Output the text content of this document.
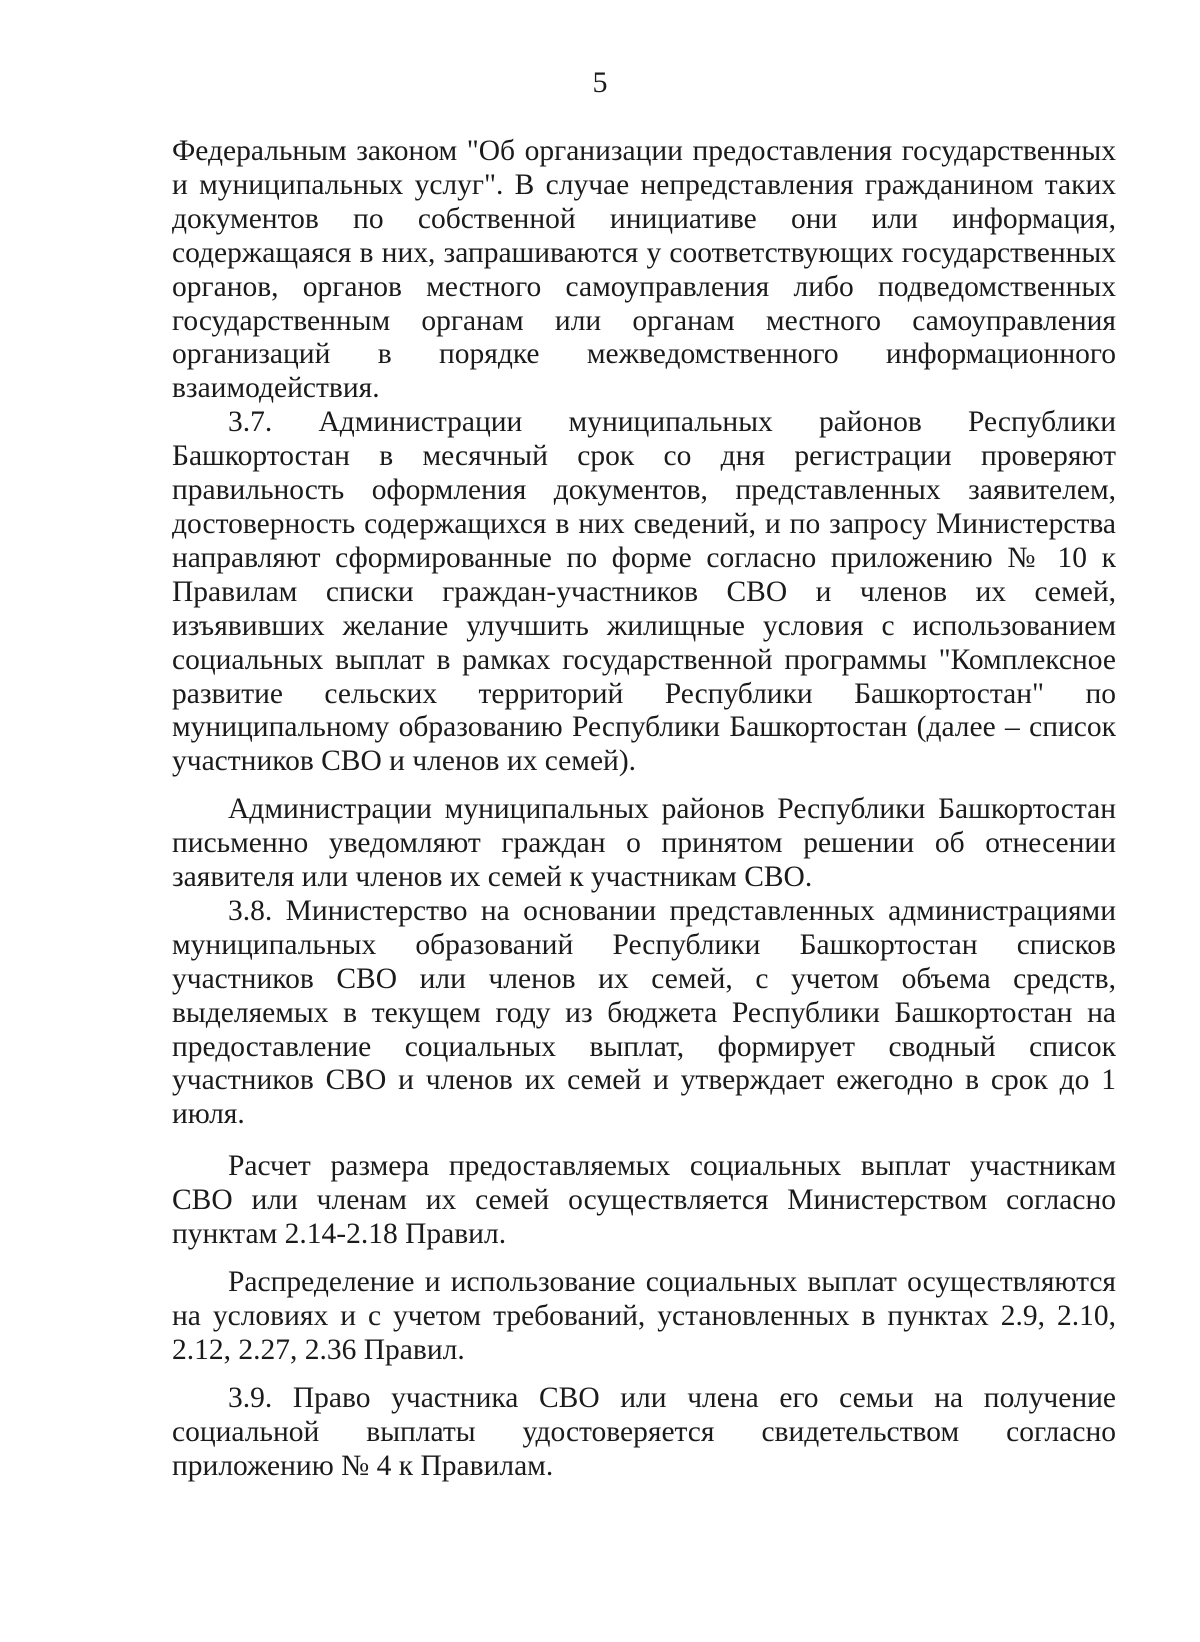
5

Федеральным законом "Об организации предоставления государственных и муниципальных услуг". В случае непредставления гражданином таких документов по собственной инициативе они или информация, содержащаяся в них, запрашиваются у соответствующих государственных органов, органов местного самоуправления либо подведомственных государственным органам или органам местного самоуправления организаций в порядке межведомственного информационного взаимодействия.

3.7. Администрации муниципальных районов Республики Башкортостан в месячный срок со дня регистрации проверяют правильность оформления документов, представленных заявителем, достоверность содержащихся в них сведений, и по запросу Министерства направляют сформированные по форме согласно приложению № 10 к Правилам списки граждан-участников СВО и членов их семей, изъявивших желание улучшить жилищные условия с использованием социальных выплат в рамках государственной программы "Комплексное развитие сельских территорий Республики Башкортостан" по муниципальному образованию Республики Башкортостан (далее – список участников СВО и членов их семей).

Администрации муниципальных районов Республики Башкортостан письменно уведомляют граждан о принятом решении об отнесении заявителя или членов их семей к участникам СВО.

3.8. Министерство на основании представленных администрациями муниципальных образований Республики Башкортостан списков участников СВО или членов их семей, с учетом объема средств, выделяемых в текущем году из бюджета Республики Башкортостан на предоставление социальных выплат, формирует сводный список участников СВО и членов их семей и утверждает ежегодно в срок до 1 июля.

Расчет размера предоставляемых социальных выплат участникам СВО или членам их семей осуществляется Министерством согласно пунктам 2.14-2.18 Правил.

Распределение и использование социальных выплат осуществляются на условиях и с учетом требований, установленных в пунктах 2.9, 2.10, 2.12, 2.27, 2.36 Правил.

3.9. Право участника СВО или члена его семьи на получение социальной выплаты удостоверяется свидетельством согласно приложению № 4 к Правилам.
